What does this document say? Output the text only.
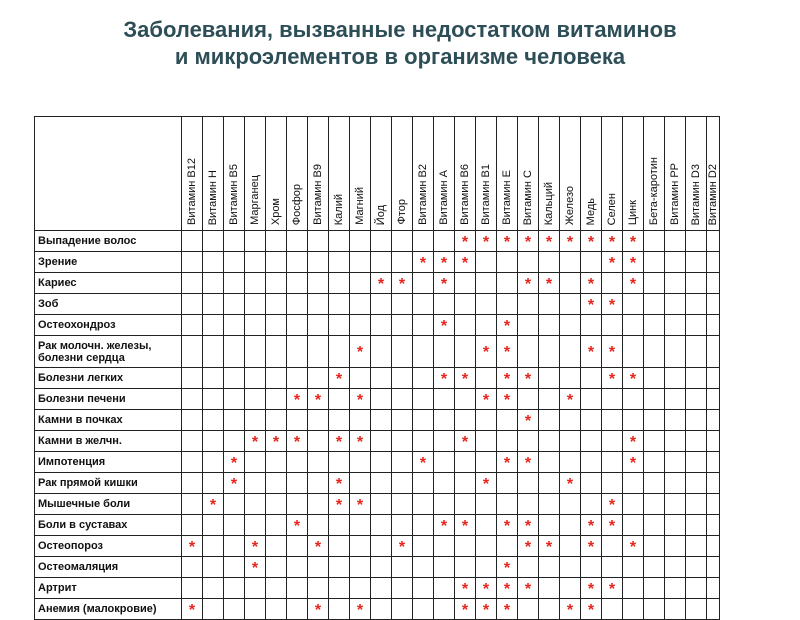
Заболевания, вызванные недостатком витаминов
и микроэлементов в организме человека

	Витамин B12	Витамин H	Витамин B5	Марганец	Хром	Фосфор	Витамин B9	Калий	Магний	Йод	Фтор	Витамин B2	Витамин A	Витамин B6	Витамин B1	Витамин E	Витамин C	Кальций	Железо	Медь	Селен	Цинк	Бета-каротин	Витамин PP	Витамин D3	Витамин D2

Выпадение волос														*	*	*	*	*	*	*	*	*				

Зрение												*	*	*							*	*				

Кариес										*	*		*				*	*		*		*				

Зоб																				*	*					

Остеохондроз													*			*										

Рак молочн. железы,
болезни сердца									*						*	*				*	*					

Болезни легких								*					*	*		*	*				*	*				

Болезни печени						*	*		*						*	*			*							

Камни в почках																	*									

Камни в желчн.				*	*	*		*	*					*								*				

Импотенция			*									*				*	*					*				

Рак прямой кишки			*					*							*				*							

Мышечные боли		*						*	*												*					

Боли в суставах						*							*	*		*	*			*	*					

Остеопороз	*			*			*				*						*	*		*		*				

Остеомаляция				*												*										

Артрит														*	*	*	*			*	*					

Анемия (малокровие)	*						*		*					*	*	*			*	*						
